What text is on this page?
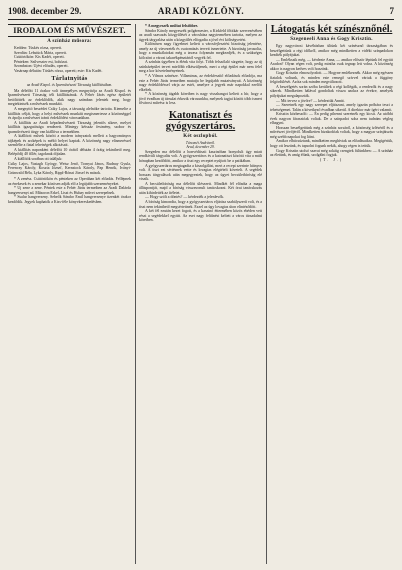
1908. december 29.	ARADI KÖZLÖNY.	7
IRODALOM ÉS MŰVÉSZET.
A színház műsora:

Kedden: Tüskés rózsa, operett.

Szerdán: Lebstück Mária, operett.

Csütörtökön: Kis Kadét, operett.

Pénteken: Szilveszter est, bohózat.

Szombaton: Ujévi előadás, operett.

Vasárnap délután: Tüskés rózsa, operett; este: Kis Kadét.

Tárlatnyitás
az Aradi Kispol. és Iparművészeti Társaság kiállításában.

Ma délelőtt 11 órakor volt ünnepélyes megnyitója az Aradi Kispol. és Iparművészeti Társaság téli kiállításának. A Fehér Járás egész épületét betöltötték az érdeklődők, akik nagy számban jelentek meg, hogy megtekintsék a művészek munkáit.

A megnyitó beszédet Csiky Lajos, a társaság alelnöke tartotta. Kiemelte a kiállítás célját, hogy a helyi művészek munkáit megismertesse a közönséggel és ápolja a művészet iránti érdeklődést városunkban.

A kiállítás az Aradi képzőművészeti Társaság jelentős sikere, melyet kiállítás igazgatósága rendezett. Mintegy kétszáz festmény, szobor és iparművészeti tárgy van kiállítva a termekben.

A kiállított művek között a modern irányzatok mellett a hagyományos tájképek és arcképek is méltó helyet kaptak. A közönség nagy elismeréssel szemlélte a fiatal tehetségek alkotásait.

A kiállítás naponként délelőtt 10 órától délután 4 óráig tekinthető meg. Belépődíj 40 fillér, tagoknak díjtalan.

A kiállítók sorában ott találjuk:

Csiky Lajos, Vastagh György, Weisz Jenő, Tornyai János, Rudnay Gyula, Ferenczy Károly, Koszta József, Kernstock Károly, Pap Henrik, Iványi-Grünwald Béla, Lyka Károly, Rippl-Rónai József és mások.

* A zenész. Csütörtökön és pénteken az Operában két előadás. Fellépnek az énekesek és a zenekar közösen adják elő a legújabb szerzeményeket.

* Uj zene a zene. Péntek este a Fehér Járás termeiben az Aradi Dalárda hangversenyt ad. Műsoron Erkel, Liszt és Hubay művei szerepelnek.

* Ssalar hangverseny. Sebeők Sándor Emil hangversenye tizenkét órakor kezdődik. Jegyek kaphatók a Kiss-féle könyvkereskedésben.

* A megyeszék múltat felsóbbre.

Sándor Károly megyeszék polgármester, a Kirkfeld főtitkár szervezésében az aradi szavazás közgyűlését a városháza nagytermében tartotta, melyen az ügyek tárgyalása után a közgyűlés elfogadta a jövő évi költségvetést.

Különösen nagy figyelmet keltett a városfejlesztési bizottság jelentése, amely az új vízvezeték és csatornázás terveit ismertette. A bizottság javasolta, hogy a munkálatokat még a tavasz folyamán megkezdjék, és a szükséges kölcsönt a városi takarékpénztártól vegyék fel.

A színház ügyében is élénk vita folyt. Több felszólaló sürgette, hogy az új színházépület tervei mielőbb elkészüljenek, mert a régi épület már nem felel meg a kor követelményeinek.

* A Vilmos színésze. Villaminus, az érdekfeszítő előadások előadója, ma este a Fehér Járás termeiben mutatja be legújabb mutatványait. A közönség nagy érdeklődéssel várja az estét, amelyre a jegyek már napokkal ezelőtt elkeltek.

* A közönség tágabb köreiben is nagy visszhangot keltett a hír, hogy a jövő évadban új társulat érkezik városunkba, melynek tagjai között több ismert fővárosi művész is lesz.

Katonatiszt és gyógyszertáros.
Két oszlopból.
Tárcanét Andrásról.
Arad, december 29.

Szegeden ma délelőtt a honvédtiszti kaszinóban bonyolult ügy miatt rendkívüli tárgyalás volt. A gyógyszertáros és a katonatiszt közötti vita a múlt hónapban kezdődött, amikor a tiszt egy receptet nyújtott be a patikában.

A gyógyszertáros megtagadta a kiszolgálást, mert a recept szerinte hiányos volt. A tiszt ezt sértésnek vette és lovagias elégtételt követelt. A segédek hosszas tárgyalások után megegyeztek, hogy az ügyet becsületbíróság elé viszik.

A becsületbíróság ma délelőtt ülésezett. Mindkét fél előadta a maga álláspontját, majd a bíróság visszavonult tanácskozni. Két órai tanácskozás után kihirdették az ítéletet.

— Hogy szólt a döntés? — kérdezték a jelenlevők.

A bíróság kimondta, hogy a gyógyszertáros eljárása szabályszerű volt, és a tiszt nem tekinthető megsértettnek. Ezzel az ügy lovagias úton elintéződött.

A két fél ezután kezet fogott, és a kaszinó éttermében közös ebéden vett részt a segédekkel együtt. Az eset nagy feltűnést keltett a város társadalmi köreiben.

Látogatás két színésznőnél.
Szegeneeli Anna és Gogy Krisztin.

Egy nagyvárosi kávéházban ültünk két színésznő társaságában és beszélgettünk a régi időkről, amikor még mindketten a vidéki színpadokon kezdték pályájukat.

— Emlékszik még, — kérdezte Anna, — amikor először léptünk fel együtt Aradon? Olyan régen volt, pedig mintha csak tegnap lett volna. A közönség akkor is nagyon kedves volt hozzánk.

Gogy Krisztin elmosolyodott. — Hogyne emlékeznék. Akkor még egészen fiatalok voltunk, és minden este remegő szívvel vártuk a függöny felgördülését. Azóta sok minden megváltozott.

A beszélgetés során szóba kerültek a régi kollégák, a rendezők és a nagy sikerek. Mindketten hálával gondoltak vissza azokra az évekre, amelyek pályájukat megalapozták.

— Mit tervez a jövőre? — kérdeztük Annát.

— Szeretnék egy nagy szerepet eljátszani, amely igazán próbára teszi a tehetségemet. Talán a következő évadban sikerül. A direktor már ígért valamit.

Krisztin közbeszólt: — Én pedig pihenni szeretnék egy kicsit. Az utóbbi évek nagyon fárasztóak voltak. De a színpadot soha nem tudnám végleg elhagyni.

Hosszan beszélgettünk még a színház sorsáról, a közönség ízléséről és a művészet jövőjéről. Mindketten bizakodóak voltak, hogy a magyar színjátszás még szebb napokat fog látni.

Amikor elbúcsúztunk, mindketten meghívtak az előadásaikra. Megígértük, hogy ott leszünk, és tapsolni fogunk nekik, ahogy régen is tettük.

Gogy Krisztin utolsó szavai még sokáig csengtek fülünkben: — A színház az életünk, és amíg élünk, szolgálni fogjuk.

(T. J.)
